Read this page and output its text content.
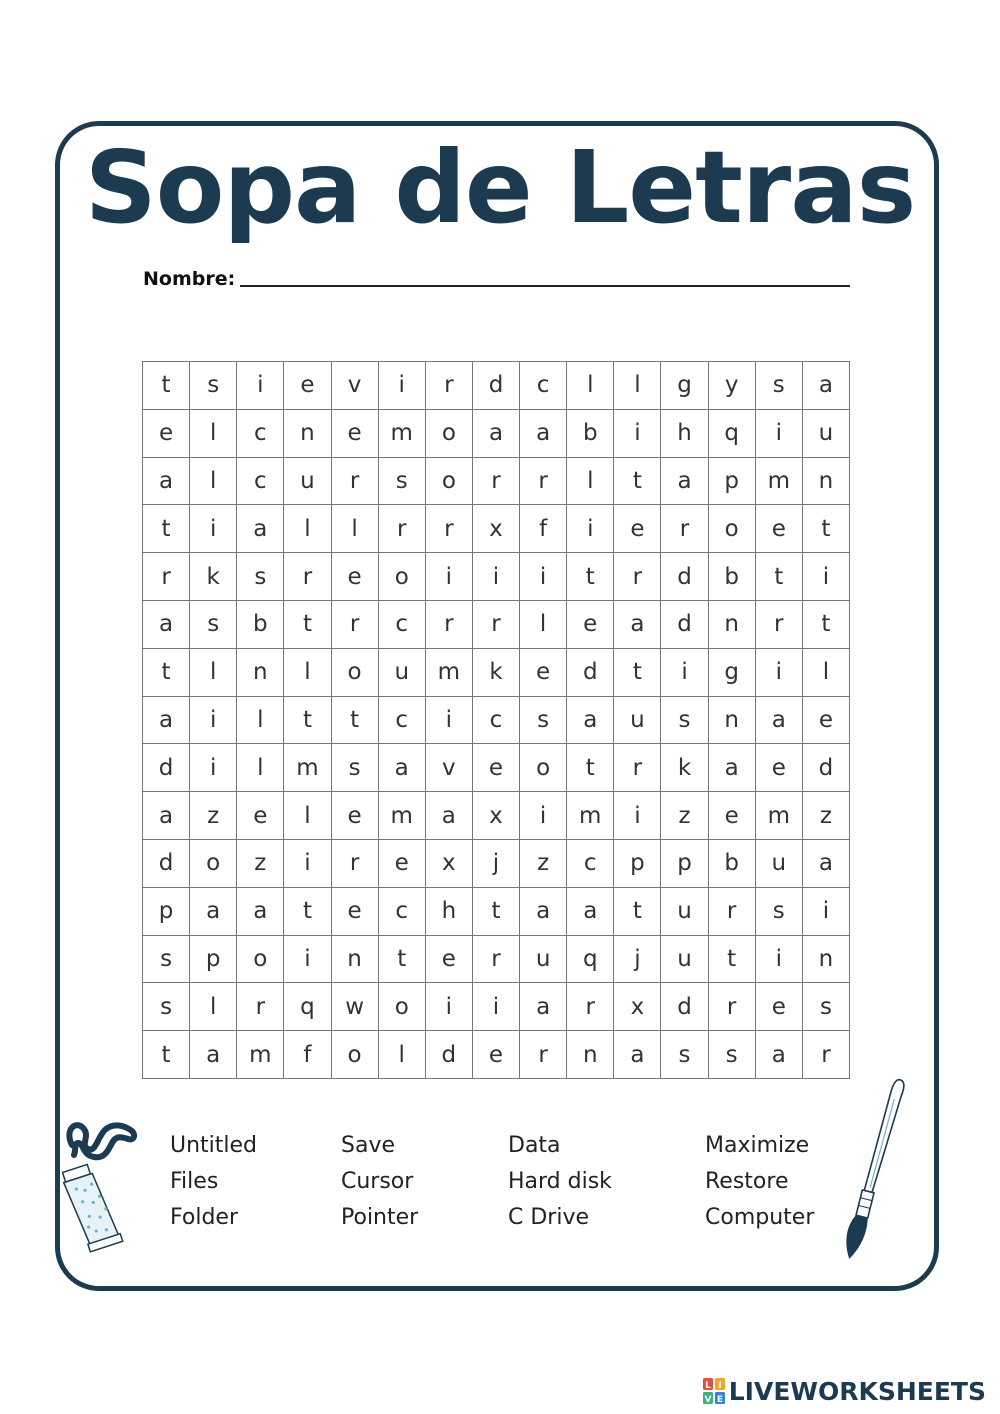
Sopa de Letras
Nombre:
t	s	i	e	v	i	r	d	c	l	l	g	y	s	a
e	l	c	n	e	m	o	a	a	b	i	h	q	i	u
a	l	c	u	r	s	o	r	r	l	t	a	p	m	n
t	i	a	l	l	r	r	x	f	i	e	r	o	e	t
r	k	s	r	e	o	i	i	i	t	r	d	b	t	i
a	s	b	t	r	c	r	r	l	e	a	d	n	r	t
t	l	n	l	o	u	m	k	e	d	t	i	g	i	l
a	i	l	t	t	c	i	c	s	a	u	s	n	a	e
d	i	l	m	s	a	v	e	o	t	r	k	a	e	d
a	z	e	l	e	m	a	x	i	m	i	z	e	m	z
d	o	z	i	r	e	x	j	z	c	p	p	b	u	a
p	a	a	t	e	c	h	t	a	a	t	u	r	s	i
s	p	o	i	n	t	e	r	u	q	j	u	t	i	n
s	l	r	q	w	o	i	i	a	r	x	d	r	e	s
t	a	m	f	o	l	d	e	r	n	a	s	s	a	r
Untitled
Files
Folder
Save
Cursor
Pointer
Data
Hard disk
C Drive
Maximize
Restore
Computer
L I
V E LIVEWORKSHEETS
